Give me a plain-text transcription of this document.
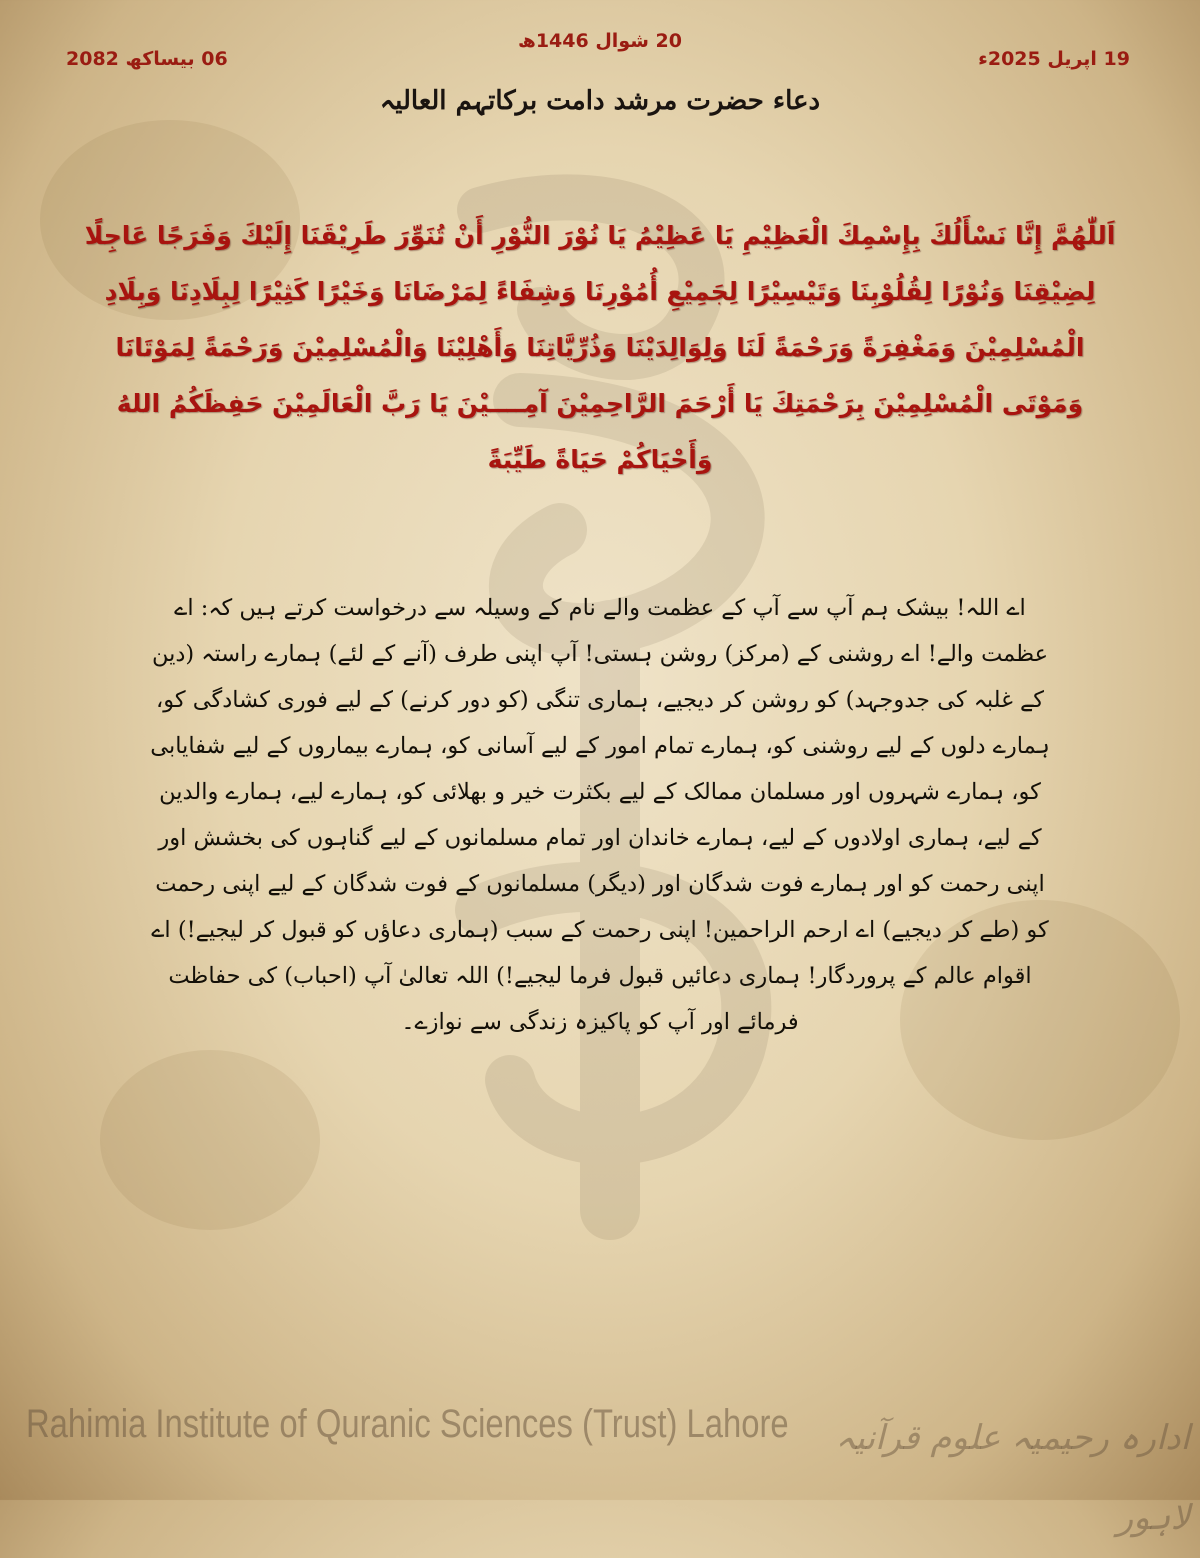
20 شوال 1446ھ
19 اپریل 2025ء
06 بیساکھ 2082
دعاء حضرت مرشد دامت برکاتہم العالیہ
اَللّٰهُمَّ إِنَّا نَسْأَلُكَ بِإِسْمِكَ الْعَظِيْمِ يَا عَظِيْمُ يَا نُوْرَ النُّوْرِ أَنْ تُنَوِّرَ طَرِيْقَنَا إِلَيْكَ وَفَرَجًا عَاجِلًا لِضِيْقِنَا وَنُوْرًا لِقُلُوْبِنَا وَتَيْسِيْرًا لِجَمِيْعِ أُمُوْرِنَا وَشِفَاءً لِمَرْضَانَا وَخَيْرًا كَثِيْرًا لِبِلَادِنَا وَبِلَادِ الْمُسْلِمِيْنَ وَمَغْفِرَةً وَرَحْمَةً لَنَا وَلِوَالِدَيْنَا وَذُرِّيَّاتِنَا وَأَهْلِيْنَا وَالْمُسْلِمِيْنَ وَرَحْمَةً لِمَوْتَانَا وَمَوْتَى الْمُسْلِمِيْنَ بِرَحْمَتِكَ يَا أَرْحَمَ الرَّاحِمِيْنَ آمِــــيْنَ يَا رَبَّ الْعَالَمِيْنَ حَفِظَكُمُ اللهُ وَأَحْيَاكُمْ حَيَاةً طَيِّبَةً
اے اللہ! بیشک ہم آپ سے آپ کے عظمت والے نام کے وسیلہ سے درخواست کرتے ہیں کہ: اے عظمت والے! اے روشنی کے (مرکز) روشن ہستی! آپ اپنی طرف (آنے کے لئے) ہمارے راستہ (دین کے غلبہ کی جدوجہد) کو روشن کر دیجیے، ہماری تنگی (کو دور کرنے) کے لیے فوری کشادگی کو، ہمارے دلوں کے لیے روشنی کو، ہمارے تمام امور کے لیے آسانی کو، ہمارے بیماروں کے لیے شفایابی کو، ہمارے شہروں اور مسلمان ممالک کے لیے بکثرت خیر و بھلائی کو، ہمارے لیے، ہمارے والدین کے لیے، ہماری اولادوں کے لیے، ہمارے خاندان اور تمام مسلمانوں کے لیے گناہوں کی بخشش اور اپنی رحمت کو اور ہمارے فوت شدگان اور (دیگر) مسلمانوں کے فوت شدگان کے لیے اپنی رحمت کو (طے کر دیجیے) اے ارحم الراحمین! اپنی رحمت کے سبب (ہماری دعاؤں کو قبول کر لیجیے!) اے اقوام عالم کے پروردگار! ہماری دعائیں قبول فرما لیجیے!) اللہ تعالیٰ آپ (احباب) کی حفاظت فرمائے اور آپ کو پاکیزہ زندگی سے نوازے۔
Rahimia Institute of Quranic Sciences (Trust) Lahore	ادارہ رحیمیہ علوم قرآنیہ لاہور
